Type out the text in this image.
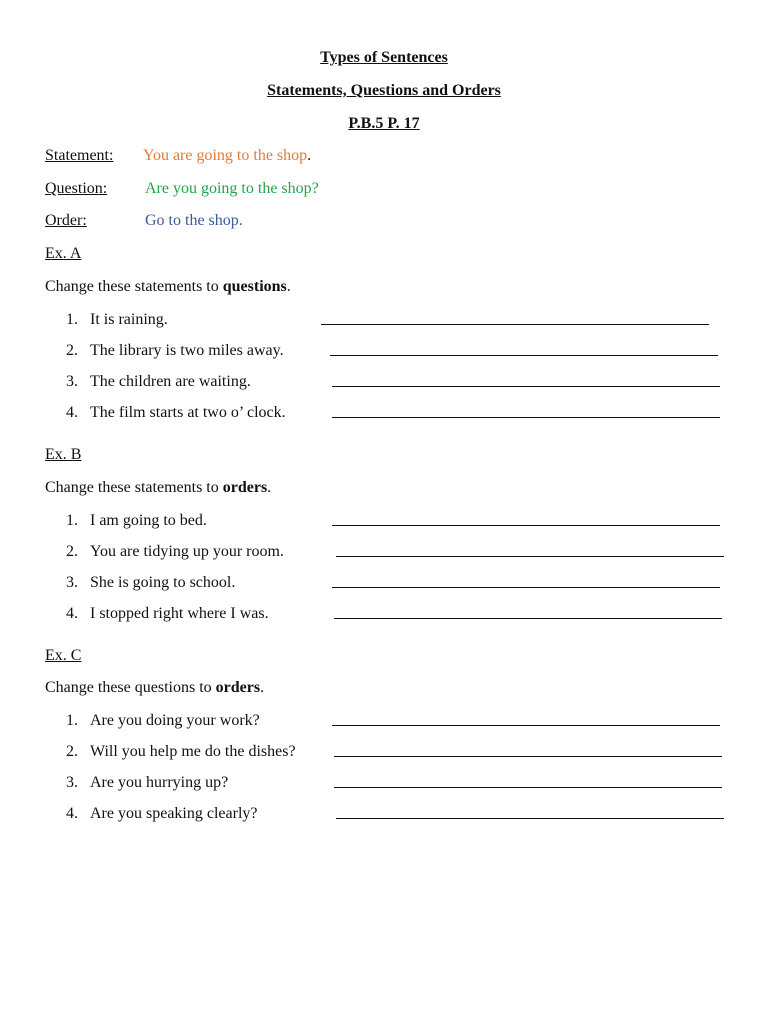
Types of Sentences
Statements, Questions and Orders
P.B.5 P. 17
Statement: You are going to the shop.
Question: Are you going to the shop?
Order:	Go to the shop.
Ex. A
Change these statements to questions.
1. It is raining.
2. The library is two miles away.
3. The children are waiting.
4. The film starts at two o’ clock.
Ex. B
Change these statements to orders.
1. I am going to bed.
2. You are tidying up your room.
3. She is going to school.
4. I stopped right where I was.
Ex. C
Change these questions to orders.
1. Are you doing your work?
2. Will you help me do the dishes?
3. Are you hurrying up?
4. Are you speaking clearly?
